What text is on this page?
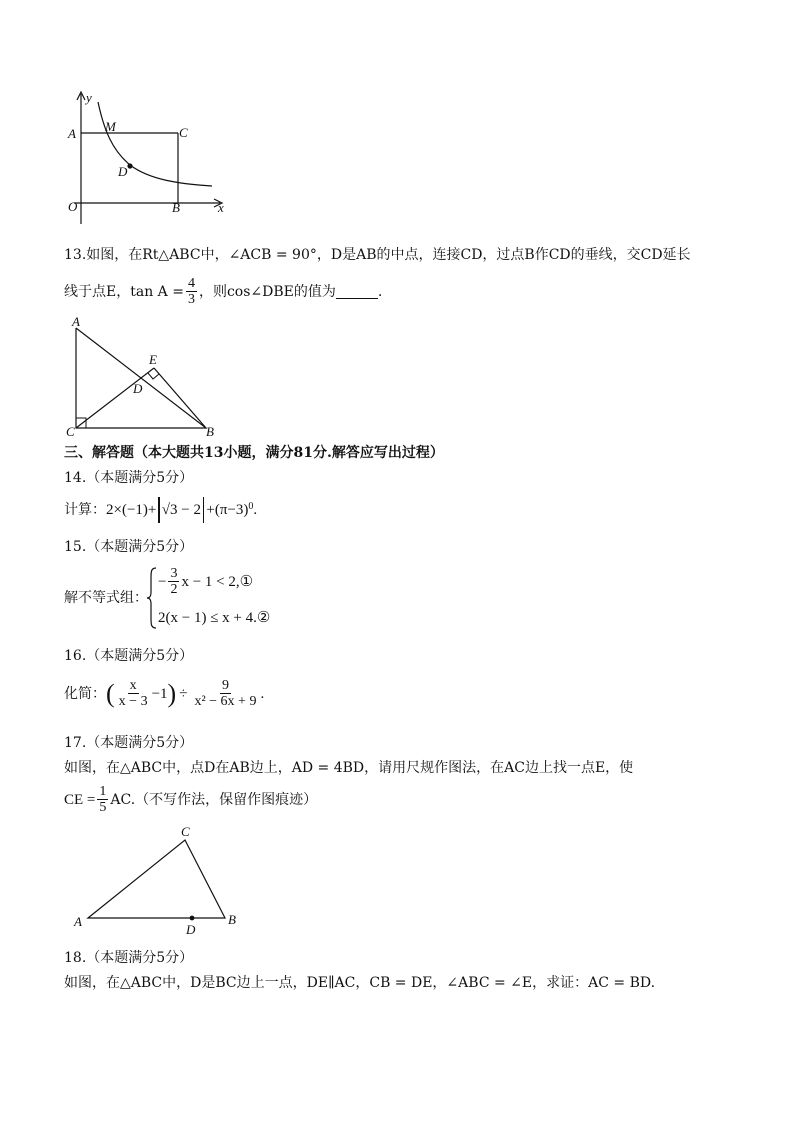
y
A M	C
D
O	B	x
13.如图，在Rt△ABC中，∠ACB = 90°，D是AB的中点，连接CD，过点B作CD的垂线，交CD延长
线于点E，$\tan A = \frac{4}{3}$ ，则cos∠DBE的值为	.
A
E
D
C	B
三、解答题（本大题共13小题，满分81分.解答应写出过程）
14.（本题满分5分）
计算： $2\times(-1)+ √3 - 2 +(\pi-3)^0$ .
15.（本题满分5分）
解不等式组：
− $\frac{3}{2}$ x − 1 < 2,①
2(x − 1) ≤ x + 4.②
16.（本题满分5分）
化简： ( $\frac{x}{x - 3} -1$ ) ÷ $\frac{9}{\text{x² − 6x + 9}}$ .
17.（本题满分5分）
如图，在△ABC中，点D在AB边上，AD = 4BD，请用尺规作图法，在AC边上找一点E，使
CE = $\frac{1}{5} AC$.（不写作法，保留作图痕迹）
C
A
D
B
18.（本题满分5分）
如图，在△ABC中，D是BC边上一点，DE∥AC，CB = DE，∠ABC = ∠E，求证：AC = BD.
